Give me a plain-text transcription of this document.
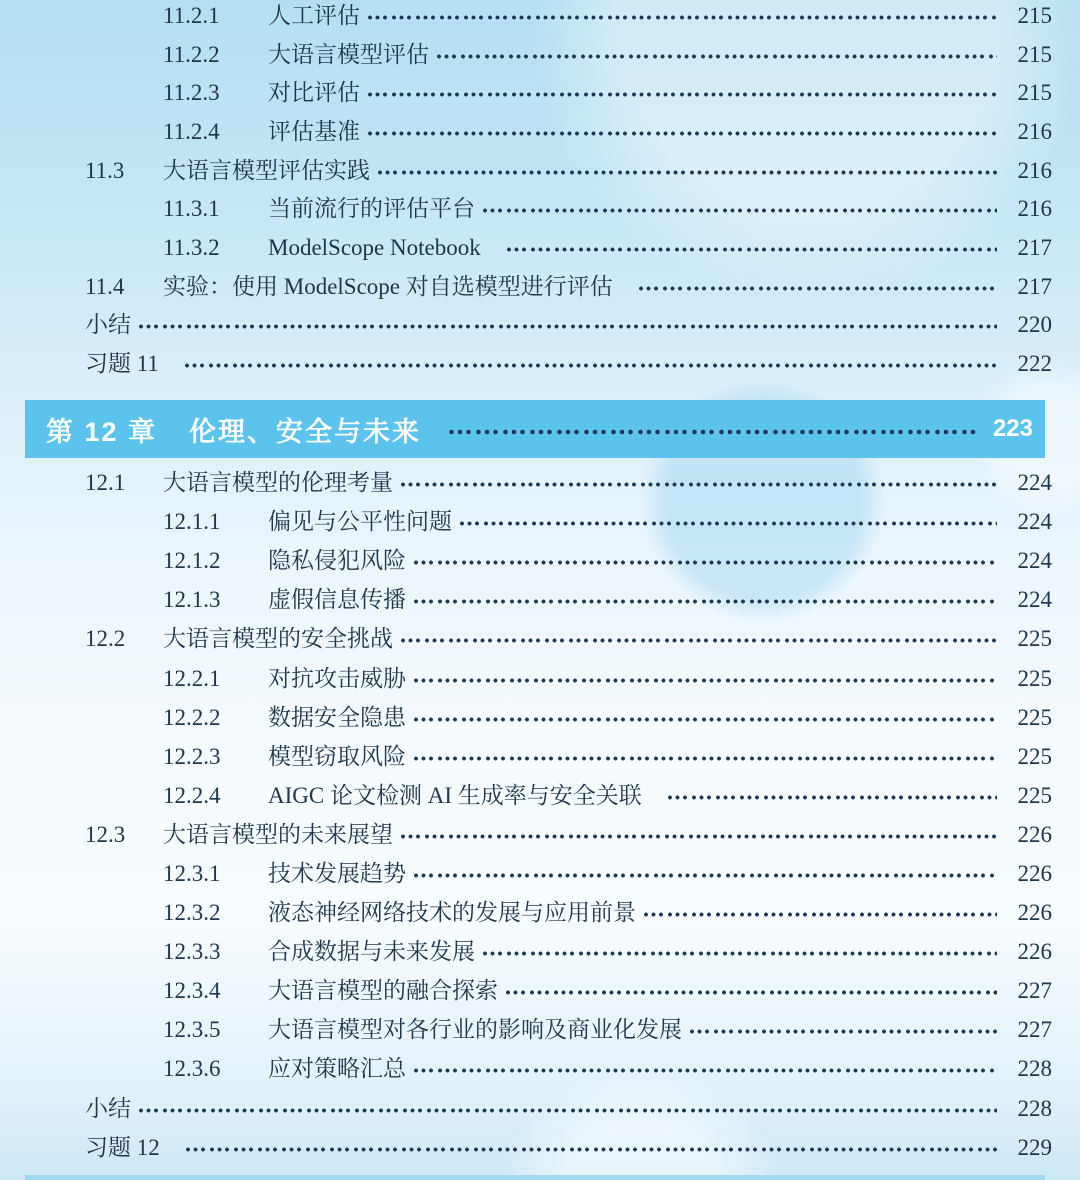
11.2.1	人工评估	215
11.2.2	大语言模型评估	215
11.2.3	对比评估	215
11.2.4	评估基准	216
11.3	大语言模型评估实践	216
11.3.1	当前流行的评估平台	216
11.3.2	ModelScope Notebook	217
11.4	实验：使用 ModelScope 对自选模型进行评估	217
小结	220
习题 11	222
第 12 章 伦理、安全与未来	223
12.1	大语言模型的伦理考量	224
12.1.1	偏见与公平性问题	224
12.1.2	隐私侵犯风险	224
12.1.3	虚假信息传播	224
12.2	大语言模型的安全挑战	225
12.2.1	对抗攻击威胁	225
12.2.2	数据安全隐患	225
12.2.3	模型窃取风险	225
12.2.4	AIGC 论文检测 AI 生成率与安全关联	225
12.3	大语言模型的未来展望	226
12.3.1	技术发展趋势	226
12.3.2	液态神经网络技术的发展与应用前景	226
12.3.3	合成数据与未来发展	226
12.3.4	大语言模型的融合探索	227
12.3.5	大语言模型对各行业的影响及商业化发展	227
12.3.6	应对策略汇总	228
小结	228
习题 12	229
